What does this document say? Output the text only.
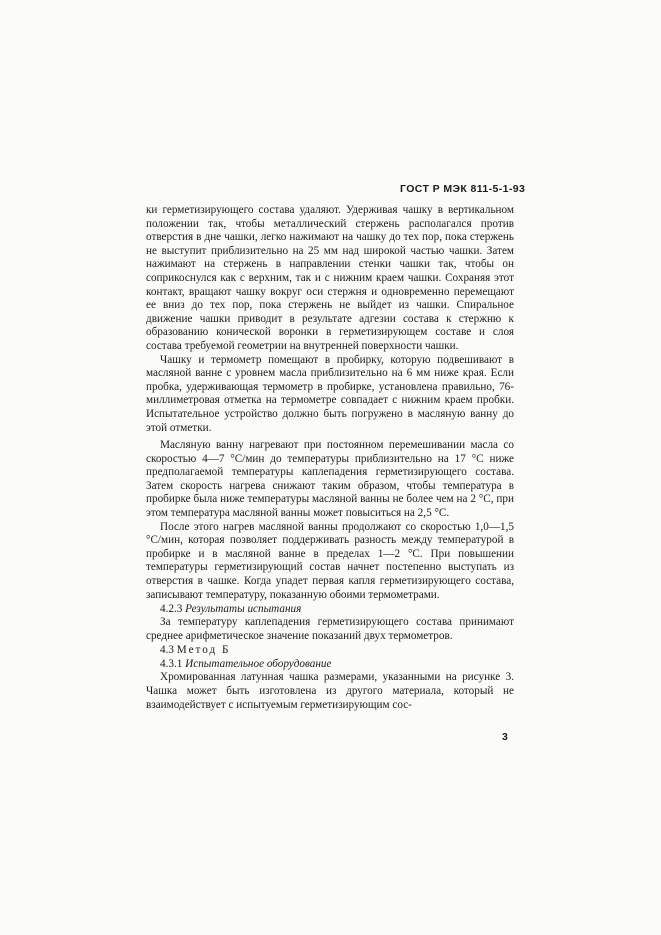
ГОСТ Р МЭК 811-5-1-93

ки герметизирующего состава удаляют. Удерживая чашку в вертикальном положении так, чтобы металлический стержень располагался против отверстия в дне чашки, легко нажимают на чашку до тех пор, пока стержень не выступит приблизительно на 25 мм над широкой частью чашки. Затем нажимают на стержень в направлении стенки чашки так, чтобы он соприкоснулся как с верхним, так и с нижним краем чашки. Сохраняя этот контакт, вращают чашку вокруг оси стержня и одновременно перемещают ее вниз до тех пор, пока стержень не выйдет из чашки. Спиральное движение чашки приводит в результате адгезии состава к стержню к образованию конической воронки в герметизирующем составе и слоя состава требуемой геометрии на внутренней поверхности чашки.

Чашку и термометр помещают в пробирку, которую подвешивают в масляной ванне с уровнем масла приблизительно на 6 мм ниже края. Если пробка, удерживающая термометр в пробирке, установлена правильно, 76-миллиметровая отметка на термометре совпадает с нижним краем пробки. Испытательное устройство должно быть погружено в масляную ванну до этой отметки.

Масляную ванну нагревают при постоянном перемешивании масла со скоростью 4—7 °С/мин до температуры приблизительно на 17 °С ниже предполагаемой температуры каплепадения герметизирующего состава. Затем скорость нагрева снижают таким образом, чтобы температура в пробирке была ниже температуры масляной ванны не более чем на 2 °С, при этом температура масляной ванны может повыситься на 2,5 °С.

После этого нагрев масляной ванны продолжают со скоростью 1,0—1,5 °С/мин, которая позволяет поддерживать разность между температурой в пробирке и в масляной ванне в пределах 1—2 °С. При повышении температуры герметизирующий состав начнет постепенно выступать из отверстия в чашке. Когда упадет первая капля герметизирующего состава, записывают температуру, показанную обоими термометрами.

4.2.3 Результаты испытания

За температуру каплепадения герметизирующего состава принимают среднее арифметическое значение показаний двух термометров.

4.3 Метод Б
4.3.1 Испытательное оборудование

Хромированная латунная чашка размерами, указанными на рисунке 3. Чашка может быть изготовлена из другого материала, который не взаимодействует с испытуемым герметизирующим сос-

3
